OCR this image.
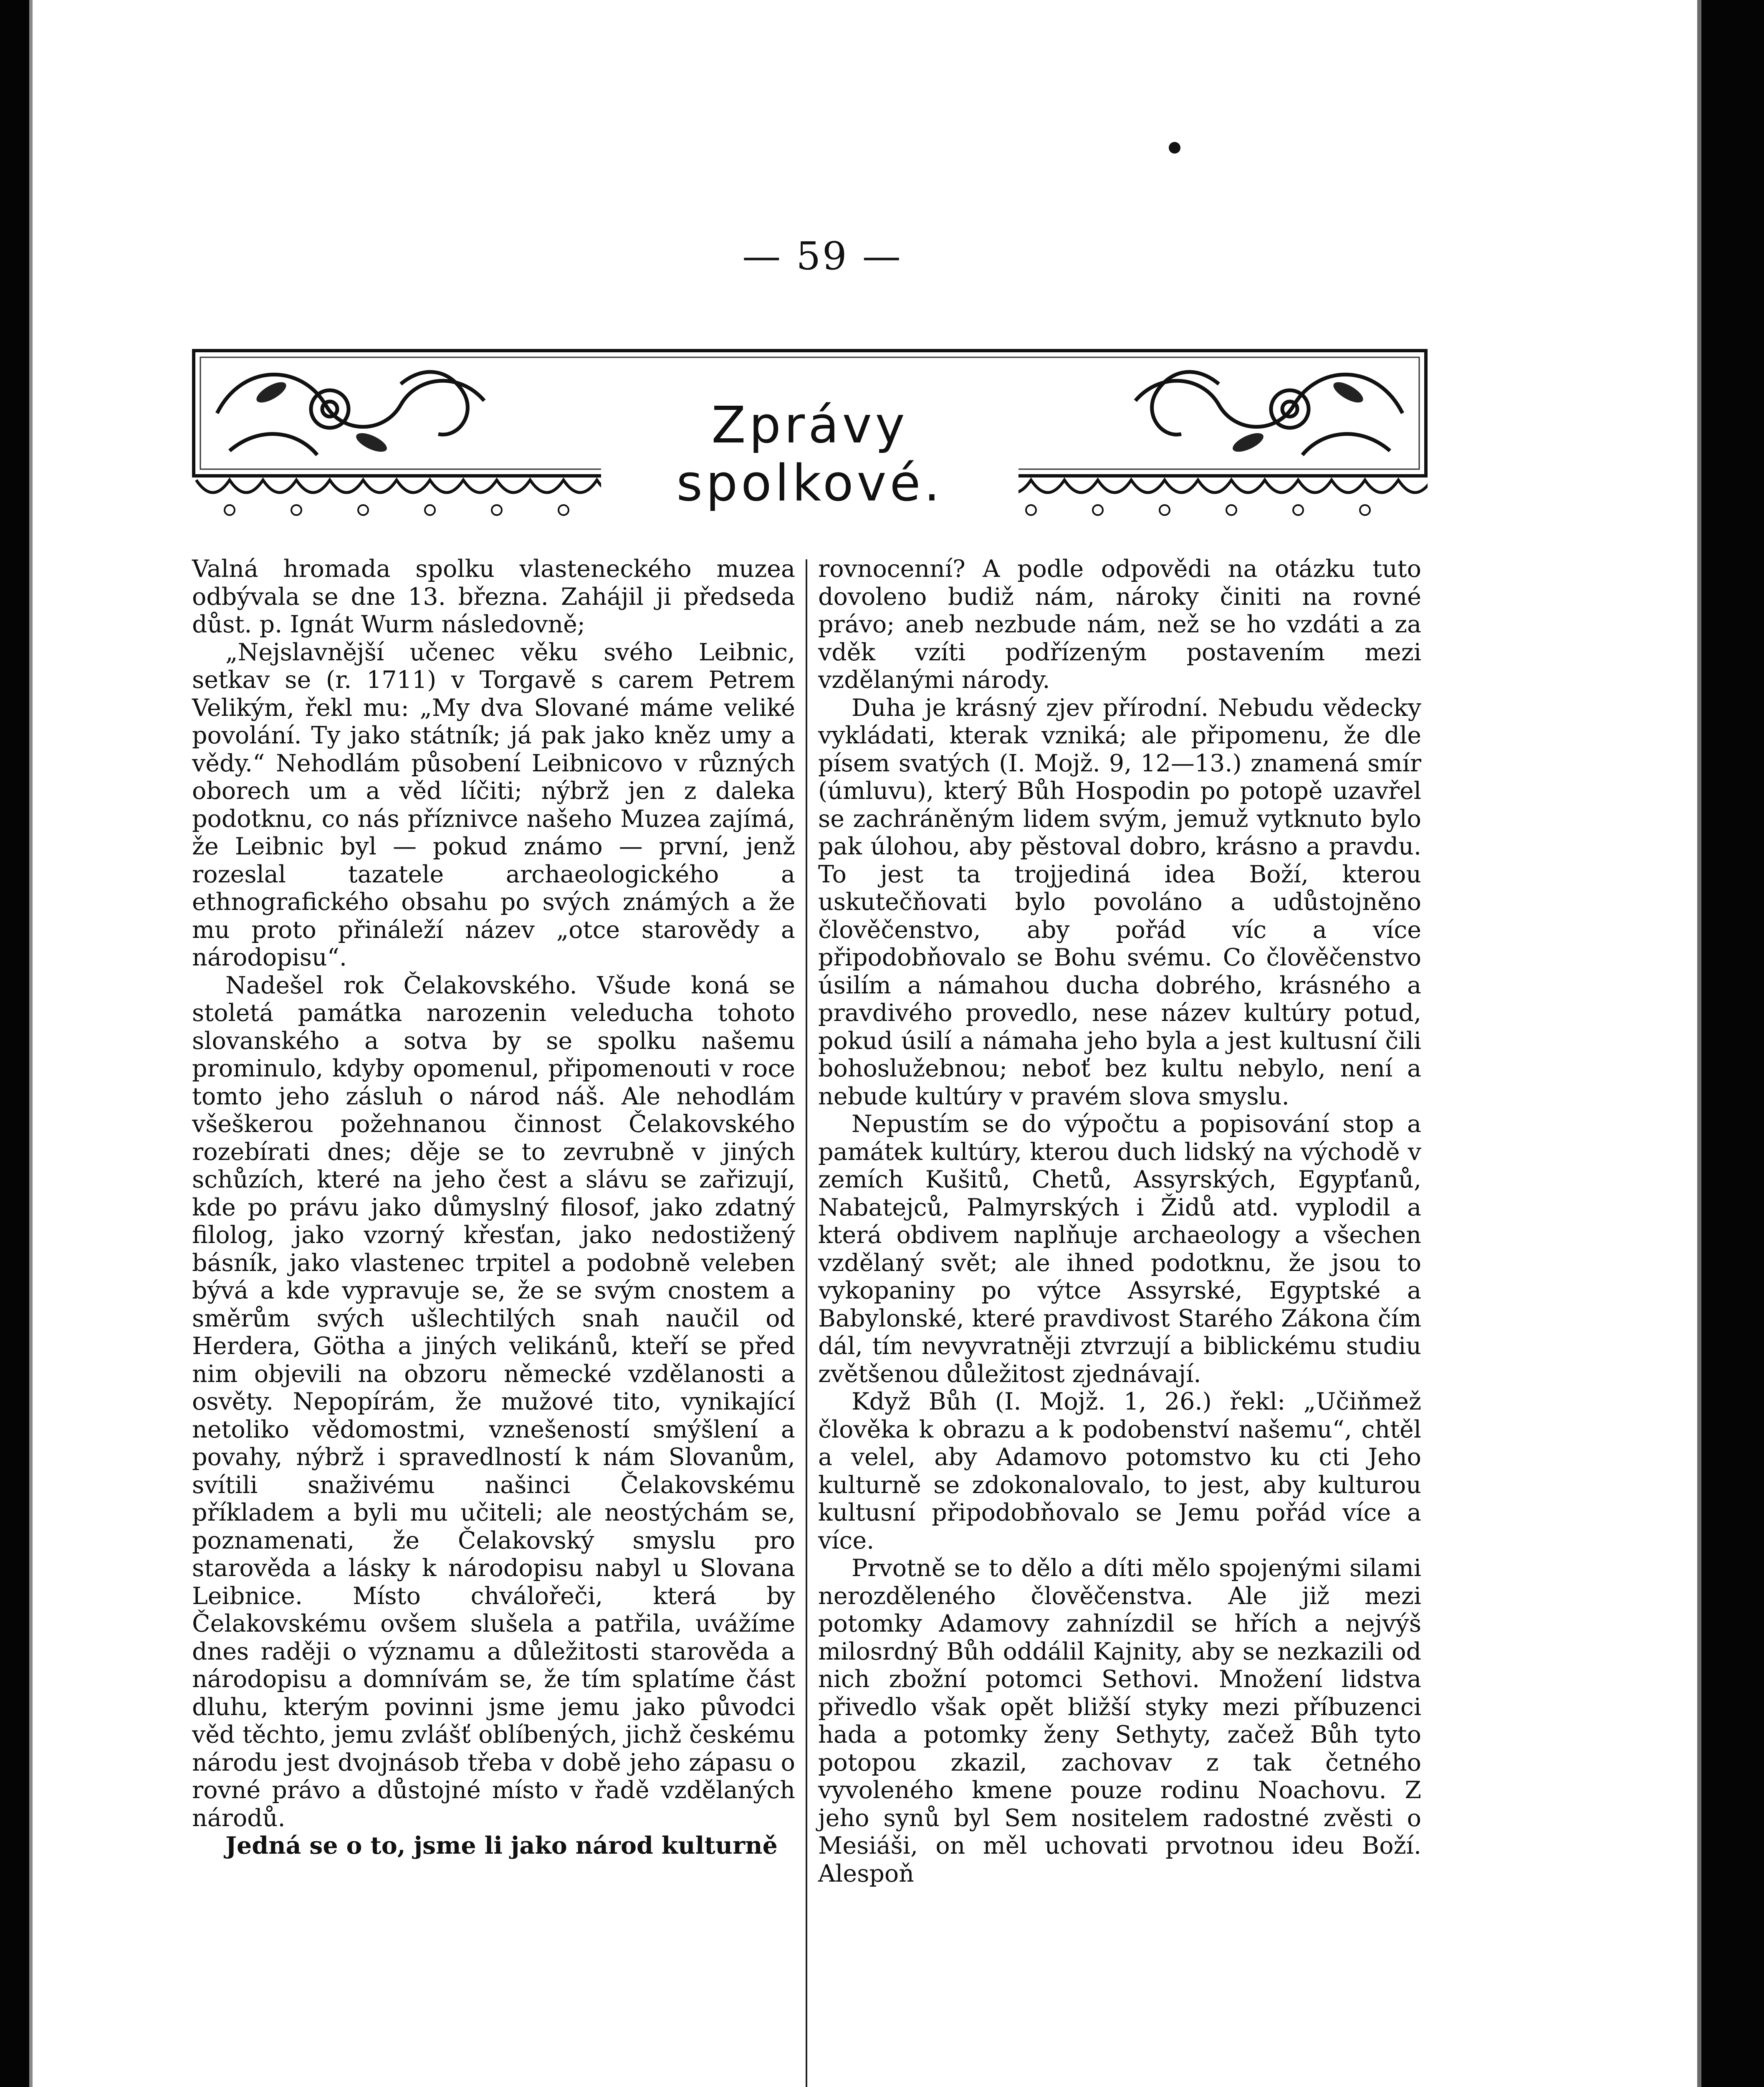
— 59 —
Zprávy spolkové.

Valná hromada spolku vlasteneckého muzea odbývala se dne 13. března. Zahájil ji předseda důst. p. Ignát Wurm následovně;

„Nejslavnější učenec věku svého Leibnic, setkav se (r. 1711) v Torgavě s carem Petrem Velikým, řekl mu: „My dva Slované máme veliké povolání. Ty jako státník; já pak jako kněz umy a vědy.“ Nehodlám působení Leibnicovo v různých oborech um a věd líčiti; nýbrž jen z daleka podotknu, co nás příznivce našeho Muzea zajímá, že Leibnic byl — pokud známo — první, jenž rozeslal tazatele archaeologického a ethnografického obsahu po svých známých a že mu proto přináleží název „otce starovědy a národopisu“.

Nadešel rok Čelakovského. Všude koná se stoletá památka narozenin veleducha tohoto slovanského a sotva by se spolku našemu prominulo, kdyby opomenul, připomenouti v roce tomto jeho zásluh o národ náš. Ale nehodlám všeškerou požehnanou činnost Čelakovského rozebírati dnes; děje se to zevrubně v jiných schůzích, které na jeho čest a slávu se zařizují, kde po právu jako důmyslný filosof, jako zdatný filolog, jako vzorný křesťan, jako nedostižený básník, jako vlastenec trpitel a podobně veleben bývá a kde vypravuje se, že se svým cnostem a směrům svých ušlechtilých snah naučil od Herdera, Götha a jiných velikánů, kteří se před nim objevili na obzoru německé vzdělanosti a osvěty. Nepopírám, že mužové tito, vynikající netoliko vědomostmi, vznešeností smýšlení a povahy, nýbrž i spravedlností k nám Slovanům, svítili snaživému našinci Čelakovskému příkladem a byli mu učiteli; ale neostýchám se, poznamenati, že Čelakovský smyslu pro starověda a lásky k národopisu nabyl u Slovana Leibnice. Místo chválořeči, která by Čelakovskému ovšem slušela a patřila, uvážíme dnes raději o významu a důležitosti starověda a národopisu a domnívám se, že tím splatíme část dluhu, kterým povinni jsme jemu jako původci věd těchto, jemu zvlášť oblíbených, jichž českému národu jest dvojnásob třeba v době jeho zápasu o rovné právo a důstojné místo v řadě vzdělaných národů.

Jedná se o to, jsme li jako národ kulturně

rovnocenní? A podle odpovědi na otázku tuto dovoleno budiž nám, nároky činiti na rovné právo; aneb nezbude nám, než se ho vzdáti a za vděk vzíti podřízeným postavením mezi vzdělanými národy.

Duha je krásný zjev přírodní. Nebudu vědecky vykládati, kterak vzniká; ale připomenu, že dle písem svatých (I. Mojž. 9, 12—13.) znamená smír (úmluvu), který Bůh Hospodin po potopě uzavřel se zachráněným lidem svým, jemuž vytknuto bylo pak úlohou, aby pěstoval dobro, krásno a pravdu. To jest ta trojjediná idea Boží, kterou uskutečňovati bylo povoláno a udůstojněno člověčenstvo, aby pořád víc a více připodobňovalo se Bohu svému. Co člověčenstvo úsilím a námahou ducha dobrého, krásného a pravdivého provedlo, nese název kultúry potud, pokud úsilí a námaha jeho byla a jest kultusní čili bohoslužebnou; neboť bez kultu nebylo, není a nebude kultúry v pravém slova smyslu.

Nepustím se do výpočtu a popisování stop a památek kultúry, kterou duch lidský na východě v zemích Kušitů, Chetů, Assyrských, Egypťanů, Nabatejců, Palmyrských i Židů atd. vyplodil a která obdivem naplňuje archaeology a všechen vzdělaný svět; ale ihned podotknu, že jsou to vykopaniny po výtce Assyrské, Egyptské a Babylonské, které pravdivost Starého Zákona čím dál, tím nevyvratněji ztvrzují a biblickému studiu zvětšenou důležitost zjednávají.

Když Bůh (I. Mojž. 1, 26.) řekl: „Učiňmež člověka k obrazu a k podobenství našemu“, chtěl a velel, aby Adamovo potomstvo ku cti Jeho kulturně se zdokonalovalo, to jest, aby kulturou kultusní připodobňovalo se Jemu pořád více a více.

Prvotně se to dělo a díti mělo spojenými silami nerozděleného člověčenstva. Ale již mezi potomky Adamovy zahnízdil se hřích a nejvýš milosrdný Bůh oddálil Kajnity, aby se nezkazili od nich zbožní potomci Sethovi. Množení lidstva přivedlo však opět bližší styky mezi příbuzenci hada a potomky ženy Sethyty, začež Bůh tyto potopou zkazil, zachovav z tak četného vyvoleného kmene pouze rodinu Noachovu. Z jeho synů byl Sem nositelem radostné zvěsti o Mesiáši, on měl uchovati prvotnou ideu Boží. Alespoň
